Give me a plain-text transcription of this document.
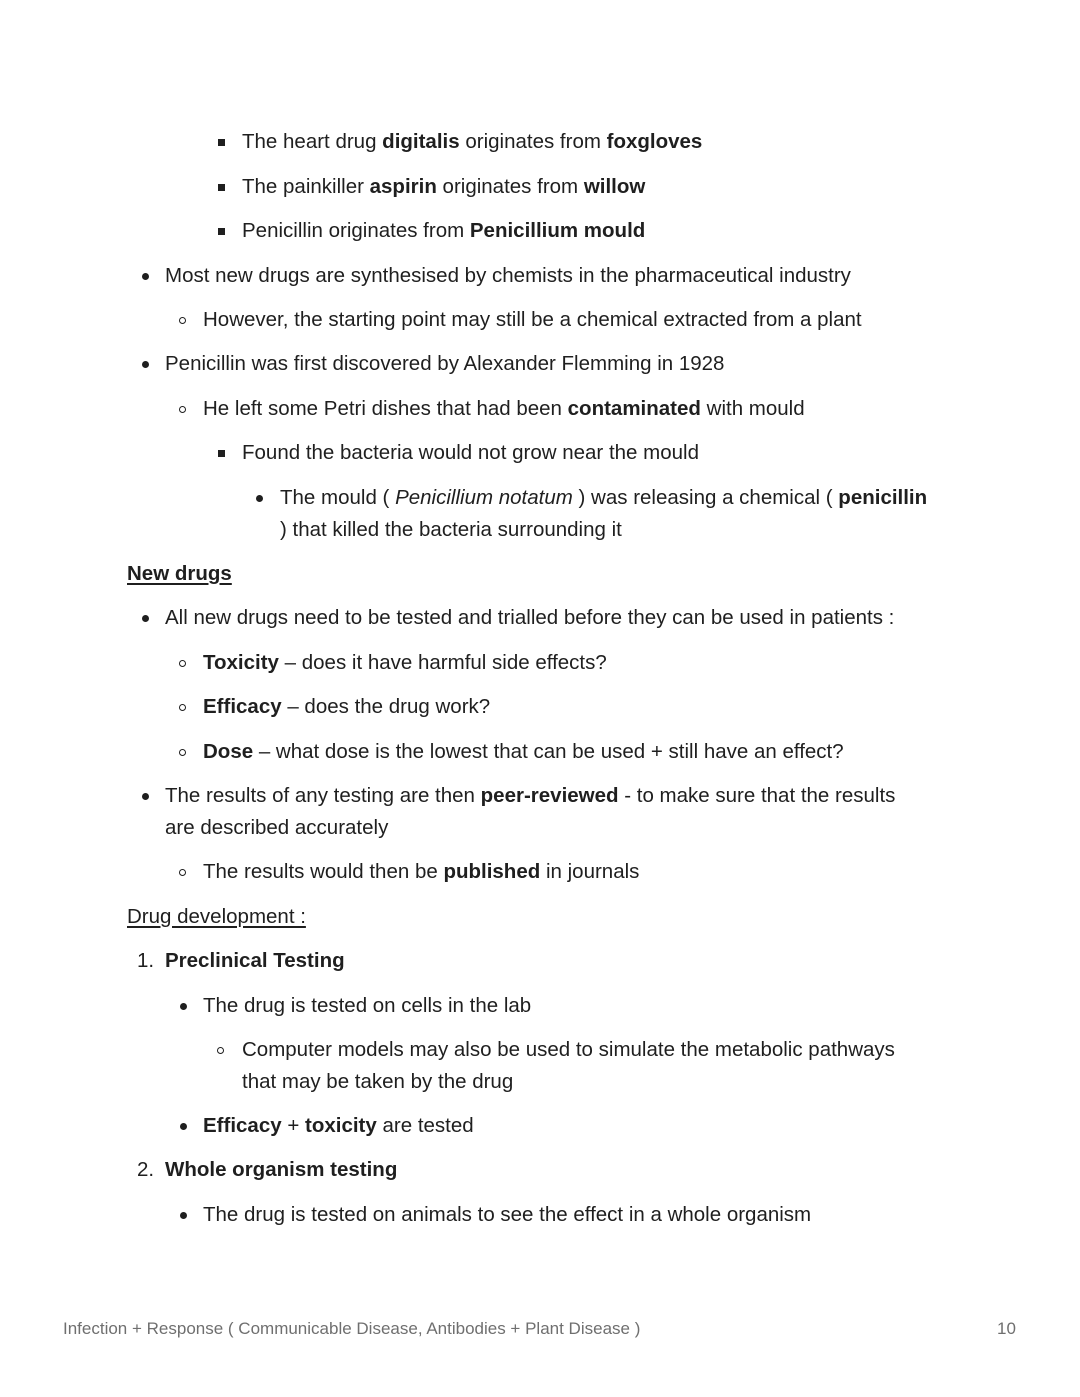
The heart drug digitalis originates from foxgloves
The painkiller aspirin originates from willow
Penicillin originates from Penicillium mould
Most new drugs are synthesised by chemists in the pharmaceutical industry
However, the starting point may still be a chemical extracted from a plant
Penicillin was first discovered by Alexander Flemming in 1928
He left some Petri dishes that had been contaminated with mould
Found the bacteria would not grow near the mould
The mould ( Penicillium notatum ) was releasing a chemical ( penicillin
) that killed the bacteria surrounding it
New drugs
All new drugs need to be tested and trialled before they can be used in patients :
Toxicity – does it have harmful side effects?
Efficacy – does the drug work?
Dose – what dose is the lowest that can be used + still have an effect?
The results of any testing are then peer-reviewed - to make sure that the results
are described accurately
The results would then be published in journals
Drug development :
1. Preclinical Testing
The drug is tested on cells in the lab
Computer models may also be used to simulate the metabolic pathways
that may be taken by the drug
Efficacy + toxicity are tested
2. Whole organism testing
The drug is tested on animals to see the effect in a whole organism
Infection + Response ( Communicable Disease, Antibodies + Plant Disease )	10
